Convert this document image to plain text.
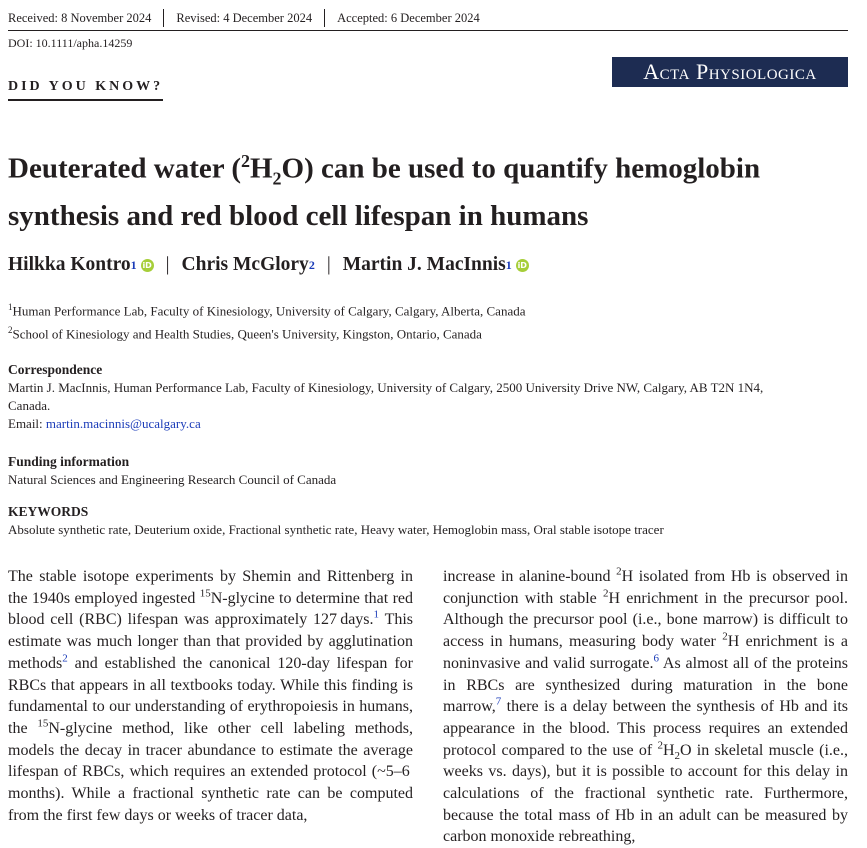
Received: 8 November 2024	Revised: 4 December 2024	Accepted: 6 December 2024
DOI: 10.1111/apha.14259
DID YOU KNOW?
Acta Physiologica
Deuterated water $(^2H_2O)$ can be used to quantify hemoglobin synthesis and red blood cell lifespan in humans
Hilkka Kontro 1 iD | Chris McGlory 2 | Martin J. MacInnis 1 iD
$^1$Human Performance Lab, Faculty of Kinesiology, University of Calgary, Calgary, Alberta, Canada
$^2$School of Kinesiology and Health Studies, Queen's University, Kingston, Ontario, Canada
Correspondence
Martin J. MacInnis, Human Performance Lab, Faculty of Kinesiology, University of Calgary, 2500 University Drive NW, Calgary, AB T2N 1N4,
Canada.
Email: martin.macinnis@ucalgary.ca
Funding information
Natural Sciences and Engineering Research Council of Canada
KEYWORDS
Absolute synthetic rate, Deuterium oxide, Fractional synthetic rate, Heavy water, Hemoglobin mass, Oral stable isotope tracer

The stable isotope experiments by Shemin and Rittenberg in the 1940s employed ingested $^{15}$N-glycine to determine that red blood cell (RBC) lifespan was approximately 127 days.$^1$ This estimate was much longer than that provided by agglutination methods$^2$ and established the canonical 120-day lifespan for RBCs that appears in all textbooks today. While this finding is fundamental to our understanding of erythropoiesis in humans, the $^{15}$N-glycine method, like other cell labeling methods, models the decay in tracer abundance to estimate the average lifespan of RBCs, which requires an extended protocol (~5–6 months). While a fractional synthetic rate can be computed from the first few days or weeks of tracer data,

increase in alanine-bound $^2$H isolated from Hb is observed in conjunction with stable $^2$H enrichment in the precursor pool. Although the precursor pool (i.e., bone marrow) is difficult to access in humans, measuring body water $^2$H enrichment is a noninvasive and valid surrogate.$^6$ As almost all of the proteins in RBCs are synthesized during maturation in the bone marrow,$^7$ there is a delay between the synthesis of Hb and its appearance in the blood. This process requires an extended protocol compared to the use of $^2H_2O$ in skeletal muscle (i.e., weeks vs. days), but it is possible to account for this delay in calculations of the fractional synthetic rate. Furthermore, because the total mass of Hb in an adult can be measured by carbon monoxide rebreathing,
